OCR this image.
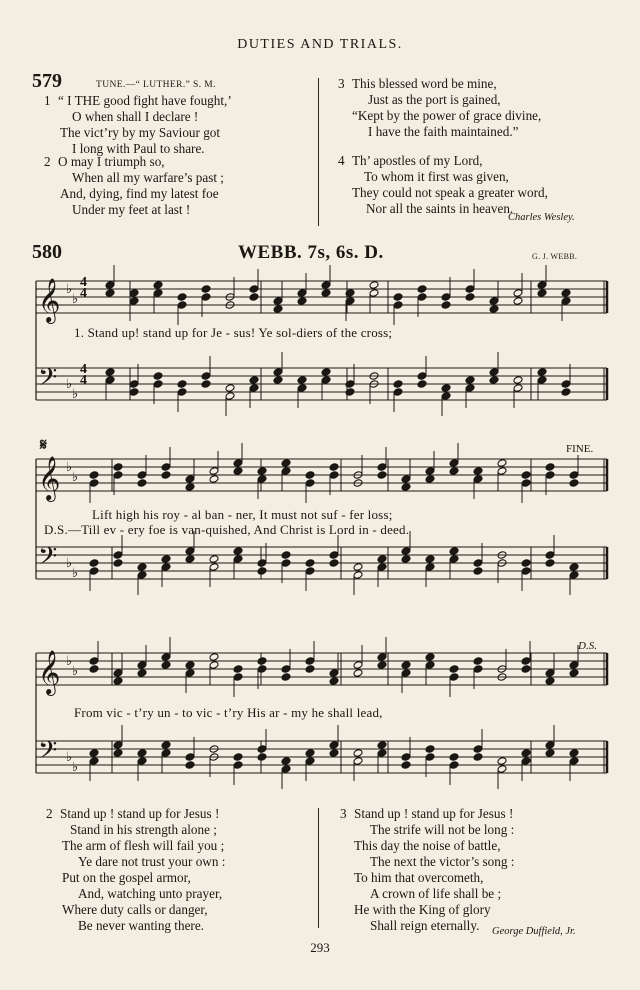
DUTIES AND TRIALS.
579	TUNE.—“ LUTHER.” S. M.
1 “ I THE good fight have fought,’
O when shall I declare !
The vict’ry by my Saviour got
I long with Paul to share.
2 O may I triumph so,
When all my warfare’s past ;
And, dying, find my latest foe
Under my feet at last !
3 This blessed word be mine,
Just as the port is gained,
“Kept by the power of grace divine,
I have the faith maintained.”
4 Th’ apostles of my Lord,
To whom it first was given,
They could not speak a greater word,
Nor all the saints in heaven.
Charles Wesley.
580	WEBB. 7s, 6s. D.	G. J. WEBB.
𝄞 ♭
♭
𝄢 ♭
♭
𝄞 ♭
♭
𝄢 ♭
♭
𝄞 ♭
♭
𝄢 ♭
♭
4
4
4
4
1. Stand up! stand up for Je - sus! Ye sol-diers of the cross;
Lift high his roy - al ban - ner, It must not suf - fer loss;
D.S.—Till ev - ery foe is van-quished, And Christ is Lord in - deed.
From vic - t’ry un - to vic - t’ry His ar - my he shall lead,
FINE.
D.S.
𝄋
2 Stand up ! stand up for Jesus !
Stand in his strength alone ;
The arm of flesh will fail you ;
Ye dare not trust your own :
Put on the gospel armor,
And, watching unto prayer,
Where duty calls or danger,
Be never wanting there.
3 Stand up ! stand up for Jesus !
The strife will not be long :
This day the noise of battle,
The next the victor’s song :
To him that overcometh,
A crown of life shall be ;
He with the King of glory
Shall reign eternally. George Duffield, Jr.
293
